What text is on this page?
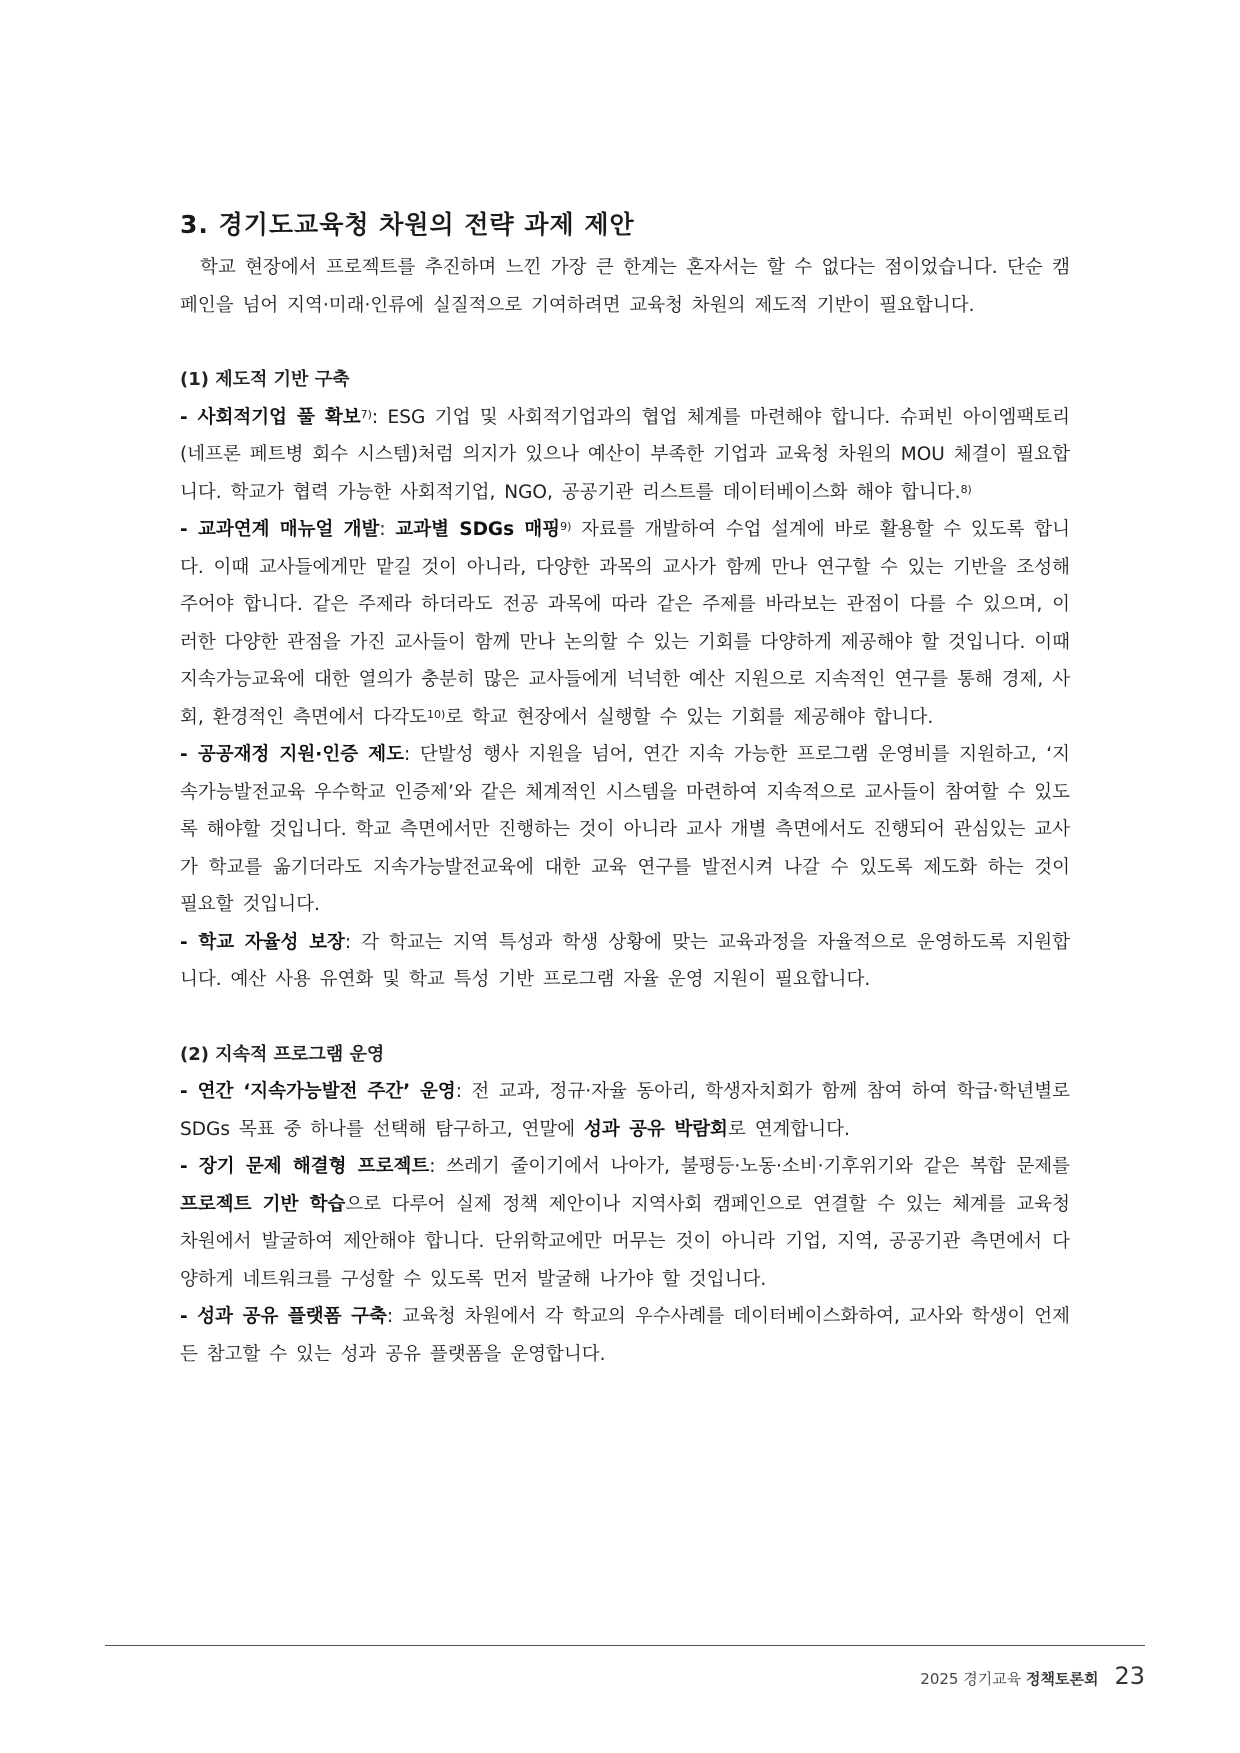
3. 경기도교육청 차원의 전략 과제 제안

학교 현장에서 프로젝트를 추진하며 느낀 가장 큰 한계는 혼자서는 할 수 없다는 점이었습니다. 단순 캠페인을 넘어 지역·미래·인류에 실질적으로 기여하려면 교육청 차원의 제도적 기반이 필요합니다.

(1) 제도적 기반 구축

- 사회적기업 풀 확보$^{7)}$: ESG 기업 및 사회적기업과의 협업 체계를 마련해야 합니다. 슈퍼빈 아이엠팩토리(네프론 페트병 회수 시스템)처럼 의지가 있으나 예산이 부족한 기업과 교육청 차원의 MOU 체결이 필요합니다. 학교가 협력 가능한 사회적기업, NGO, 공공기관 리스트를 데이터베이스화 해야 합니다.$^{8)}$

- 교과연계 매뉴얼 개발: 교과별 SDGs 매핑$^{9)}$ 자료를 개발하여 수업 설계에 바로 활용할 수 있도록 합니다. 이때 교사들에게만 맡길 것이 아니라, 다양한 과목의 교사가 함께 만나 연구할 수 있는 기반을 조성해주어야 합니다. 같은 주제라 하더라도 전공 과목에 따라 같은 주제를 바라보는 관점이 다를 수 있으며, 이러한 다양한 관점을 가진 교사들이 함께 만나 논의할 수 있는 기회를 다양하게 제공해야 할 것입니다. 이때 지속가능교육에 대한 열의가 충분히 많은 교사들에게 넉넉한 예산 지원으로 지속적인 연구를 통해 경제, 사회, 환경적인 측면에서 다각도$^{10)}$로 학교 현장에서 실행할 수 있는 기회를 제공해야 합니다.

- 공공재정 지원·인증 제도: 단발성 행사 지원을 넘어, 연간 지속 가능한 프로그램 운영비를 지원하고, ‘지속가능발전교육 우수학교 인증제’와 같은 체계적인 시스템을 마련하여 지속적으로 교사들이 참여할 수 있도록 해야할 것입니다. 학교 측면에서만 진행하는 것이 아니라 교사 개별 측면에서도 진행되어 관심있는 교사가 학교를 옮기더라도 지속가능발전교육에 대한 교육 연구를 발전시켜 나갈 수 있도록 제도화 하는 것이 필요할 것입니다.

- 학교 자율성 보장: 각 학교는 지역 특성과 학생 상황에 맞는 교육과정을 자율적으로 운영하도록 지원합니다. 예산 사용 유연화 및 학교 특성 기반 프로그램 자율 운영 지원이 필요합니다.

(2) 지속적 프로그램 운영

- 연간 ‘지속가능발전 주간’ 운영: 전 교과, 정규·자율 동아리, 학생자치회가 함께 참여 하여 학급·학년별로 SDGs 목표 중 하나를 선택해 탐구하고, 연말에 성과 공유 박람회로 연계합니다.

- 장기 문제 해결형 프로젝트: 쓰레기 줄이기에서 나아가, 불평등·노동·소비·기후위기와 같은 복합 문제를 프로젝트 기반 학습으로 다루어 실제 정책 제안이나 지역사회 캠페인으로 연결할 수 있는 체계를 교육청 차원에서 발굴하여 제안해야 합니다. 단위학교에만 머무는 것이 아니라 기업, 지역, 공공기관 측면에서 다양하게 네트워크를 구성할 수 있도록 먼저 발굴해 나가야 할 것입니다.

- 성과 공유 플랫폼 구축: 교육청 차원에서 각 학교의 우수사례를 데이터베이스화하여, 교사와 학생이 언제든 참고할 수 있는 성과 공유 플랫폼을 운영합니다.

2025 경기교육 정책토론회 23
